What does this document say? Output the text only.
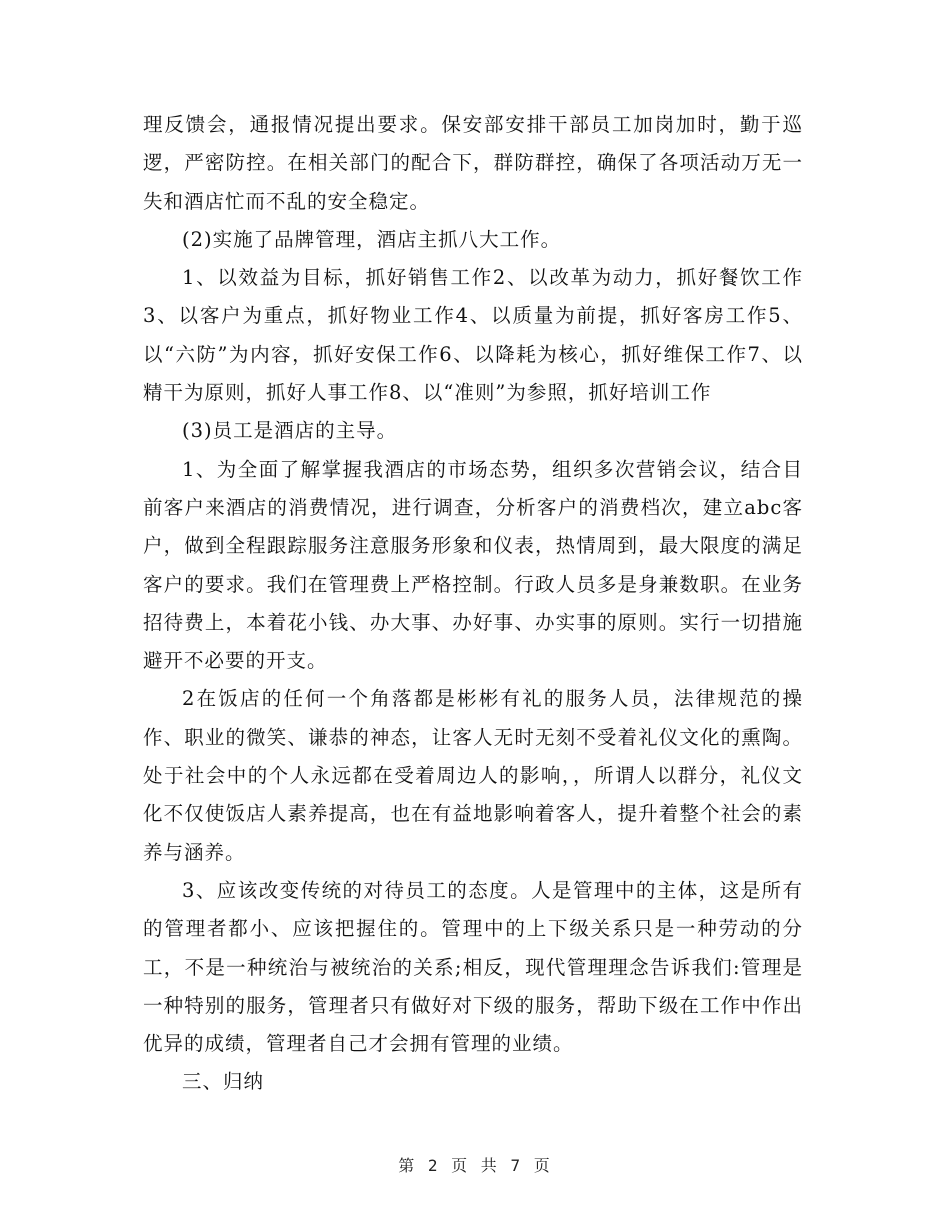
理反馈会，通报情况提出要求。保安部安排干部员工加岗加时，勤于巡逻，严密防控。在相关部门的配合下，群防群控，确保了各项活动万无一失和酒店忙而不乱的安全稳定。

(2)实施了品牌管理，酒店主抓八大工作。

1、以效益为目标，抓好销售工作2、以改革为动力，抓好餐饮工作 3、以客户为重点，抓好物业工作4、以质量为前提，抓好客房工作5、以“六防”为内容，抓好安保工作6、以降耗为核心，抓好维保工作7、以精干为原则，抓好人事工作8、以“准则”为参照，抓好培训工作

(3)员工是酒店的主导。

1、为全面了解掌握我酒店的市场态势，组织多次营销会议，结合目前客户来酒店的消费情况，进行调查，分析客户的消费档次，建立abc客户，做到全程跟踪服务注意服务形象和仪表，热情周到，最大限度的满足客户的要求。我们在管理费上严格控制。行政人员多是身兼数职。在业务招待费上，本着花小钱、办大事、办好事、办实事的原则。实行一切措施避开不必要的开支。

2在饭店的任何一个角落都是彬彬有礼的服务人员，法律规范的操作、职业的微笑、谦恭的神态，让客人无时无刻不受着礼仪文化的熏陶。处于社会中的个人永远都在受着周边人的影响，，所谓人以群分，礼仪文化不仅使饭店人素养提高，也在有益地影响着客人，提升着整个社会的素养与涵养。

3、应该改变传统的对待员工的态度。人是管理中的主体，这是所有的管理者都小、应该把握住的。管理中的上下级关系只是一种劳动的分工，不是一种统治与被统治的关系;相反，现代管理理念告诉我们:管理是一种特别的服务，管理者只有做好对下级的服务，帮助下级在工作中作出优异的成绩，管理者自己才会拥有管理的业绩。

三、归纳

第 2 页 共 7 页
